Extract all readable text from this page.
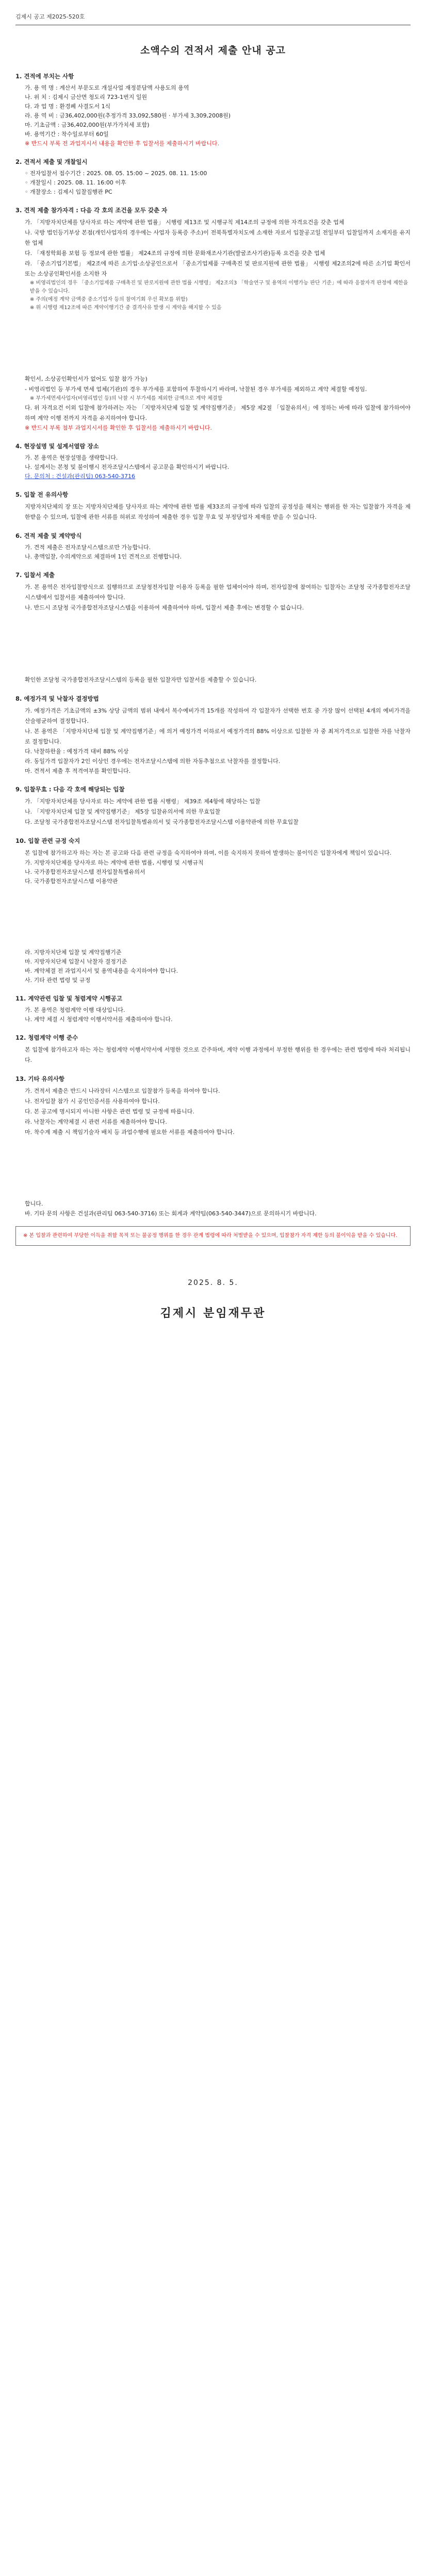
김제시 공고 제2025-520호
소액수의 견적서 제출 안내 공고
1. 견적에 부치는 사항
가. 용 역 명 : 계산서 부문도로 개설사업 재정분담액 사용도의 용역
나. 위 치 : 김제시 금산면 청도리 723-1번지 일원
다. 과 업 명 : 환경폐 사결도서 1식
라. 용 역 비 : 금36,402,000원(추정가격 33,092,580원 · 부가세 3,309,2008원)
마. 기초금액 : 금36,402,000원(부가가치세 포함)
바. 용역기간 : 착수일로부터 60일
※ 반드시 부록 전 과업지시서 내용을 확인한 후 입찰서를 제출하시기 바랍니다.
2. 견적서 제출 및 개찰일시
◦ 전자입찰서 접수기간 : 2025. 08. 05. 15:00 ~ 2025. 08. 11. 15:00
◦ 개찰일시 : 2025. 08. 11. 16:00 이후
◦ 개찰장소 : 김제시 입찰집행관 PC
3. 견적 제출 참가자격 : 다음 각 호의 조건을 모두 갖춘 자
가. 「지방자치단체를 당사자로 하는 계약에 관한 법률」 시행령 제13조 및 시행규칙 제14조의 규정에 의한 자격요건을 갖춘 업체
나. 국방 법인등기부상 본점(개인사업자의 경우에는 사업자 등록증 주소)이 전북특별자치도에 소재한 자로서 입찰공고일 전일부터 입찰일까지 소재지를 유지한 업체
다. 「재정학회용 보험 등 정보에 관한 법률」 제24조의 규정에 의한 문화재조사기관(발굴조사기관)등록 요건을 갖춘 업체
라. 「중소기업기본법」 제2조에 따른 소기업·소상공인으로서 「중소기업제품 구매촉진 및 판로지원에 관한 법률」 시행령 제2조의2에 따른 소기업 확인서 또는 소상공인확인서를 소지한 자
※ 비영리법인의 경우 「중소기업제품 구매촉진 및 판로지원에 관한 법률 시행령」 제2조의3 「학술연구 및 용역의 이행가능 판단 기준」에 따라 응찰자격 판정에 제한을 받을 수 있습니다.
※ 주의(예정 계약 금액중 중소기업자 등의 참여기회 우선 확보를 위함)
※ 위 시행령 제12조에 따른 계약이행기간 중 결격사유 발생 시 계약을 해지할 수 있음
확인서, 소상공인확인서가 없어도 입찰 참가 가능)
- 비영리법인 등 부가세 면세 업체(기관)의 경우 부가세를 포함하여 투찰하시기 바라며, 낙찰된 경우 부가세를 제외하고 계약 체결할 예정임.
※ 부가세면세사업자(비영리법인 등)의 낙찰 시 부가세를 제외한 금액으로 계약 체결함
다. 위 자격요건 이외 입찰에 참가하려는 자는 「지방자치단체 입찰 및 계약집행기준」 제5장 제2절 「입찰유의서」에 정하는 바에 따라 입찰에 참가하여야 하며 계약 이행 전까지 자격을 유지하여야 합니다.
※ 반드시 부록 첨부 과업지시서를 확인한 후 입찰서를 제출하시기 바랍니다.
4. 현장설명 및 설계서열람 장소
가. 본 용역은 현장설명을 생략합니다.
나. 설계서는 본청 및 불이행시 전자조달시스템에서 공고문을 확인하시기 바랍니다.
다. 문의처 : 건설과(관리팀) 063-540-3716
5. 입찰 전 유의사항
지방자치단체의 장 또는 지방자치단체를 당사자로 하는 계약에 관한 법률 제33조의 규정에 따라 입찰의 공정성을 해치는 행위를 한 자는 입찰참가 자격을 제한받을 수 있으며, 입찰에 관한 서류를 허위로 작성하여 제출한 경우 입찰 무효 및 부정당업자 제재를 받을 수 있습니다.
6. 견적 제출 및 계약방식
가. 견적 제출은 전자조달시스템으로만 가능합니다.
나. 총액입찰, 수의계약으로 체결하며 1인 견적으로 진행합니다.
7. 입찰서 제출
가. 본 용역은 전자입찰방식으로 집행하므로 조달청전자입찰 이용자 등록을 필한 업체이어야 하며, 전자입찰에 참여하는 입찰자는 조달청 국가종합전자조달시스템에서 입찰서를 제출하여야 합니다.
나. 반드시 조달청 국가종합전자조달시스템을 이용하여 제출하여야 하며, 입찰서 제출 후에는 변경할 수 없습니다.
확인한 조달청 국가종합전자조달시스템의 등록을 필한 입찰자만 입찰서를 제출할 수 있습니다.
8. 예정가격 및 낙찰자 결정방법
가. 예정가격은 기초금액의 ±3% 상당 금액의 범위 내에서 복수예비가격 15개를 작성하여 각 입찰자가 선택한 번호 중 가장 많이 선택된 4개의 예비가격을 산술평균하여 결정합니다.
나. 본 용역은 「지방자치단체 입찰 및 계약집행기준」에 의거 예정가격 이하로서 예정가격의 88% 이상으로 입찰한 자 중 최저가격으로 입찰한 자를 낙찰자로 결정합니다.
다. 낙찰하한율 : 예정가격 대비 88% 이상
라. 동일가격 입찰자가 2인 이상인 경우에는 전자조달시스템에 의한 자동추첨으로 낙찰자를 결정합니다.
마. 견적서 제출 후 적격여부를 확인합니다.
9. 입찰무효 : 다음 각 호에 해당되는 입찰
가. 「지방자치단체를 당사자로 하는 계약에 관한 법률 시행령」 제39조 제4항에 해당하는 입찰
나. 「지방자치단체 입찰 및 계약집행기준」 제5장 입찰유의서에 의한 무효입찰
다. 조달청 국가종합전자조달시스템 전자입찰특별유의서 및 국가종합전자조달시스템 이용약관에 의한 무효입찰
10. 입찰 관련 규정 숙지
본 입찰에 참가하고자 하는 자는 본 공고와 다음 관련 규정을 숙지하여야 하며, 이를 숙지하지 못하여 발생하는 불이익은 입찰자에게 책임이 있습니다.
가. 지방자치단체를 당사자로 하는 계약에 관한 법률, 시행령 및 시행규칙
나. 국가종합전자조달시스템 전자입찰특별유의서
다. 국가종합전자조달시스템 이용약관
라. 지방자치단체 입찰 및 계약집행기준
마. 지방자치단체 입찰시 낙찰자 결정기준
바. 계약체결 전 과업지시서 및 용역내용을 숙지하여야 합니다.
사. 기타 관련 법령 및 규정
11. 계약관련 입찰 및 청렴계약 시행공고
가. 본 용역은 청렴계약 이행 대상입니다.
나. 계약 체결 시 청렴계약 이행서약서를 제출하여야 합니다.
12. 청렴계약 이행 준수
본 입찰에 참가하고자 하는 자는 청렴계약 이행서약서에 서명한 것으로 간주하며, 계약 이행 과정에서 부정한 행위를 한 경우에는 관련 법령에 따라 처리됩니다.
13. 기타 유의사항
가. 견적서 제출은 반드시 나라장터 시스템으로 입찰참가 등록을 하여야 합니다.
나. 전자입찰 참가 시 공인인증서를 사용하여야 합니다.
다. 본 공고에 명시되지 아니한 사항은 관련 법령 및 규정에 따릅니다.
라. 낙찰자는 계약체결 시 관련 서류를 제출하여야 합니다.
마. 착수계 제출 시 책임기술자 배치 등 과업수행에 필요한 서류를 제출하여야 합니다.
합니다.
바. 기타 문의 사항은 건설과(관리팀 063-540-3716) 또는 회계과 계약팀(063-540-3447)으로 문의하시기 바랍니다.
※ 본 입찰과 관련하여 부당한 이득을 취할 목적 또는 불공정 행위를 한 경우 관계 법령에 따라 처벌받을 수 있으며, 입찰참가 자격 제한 등의 불이익을 받을 수 있습니다.
2025. 8. 5.
김제시 분임재무관
